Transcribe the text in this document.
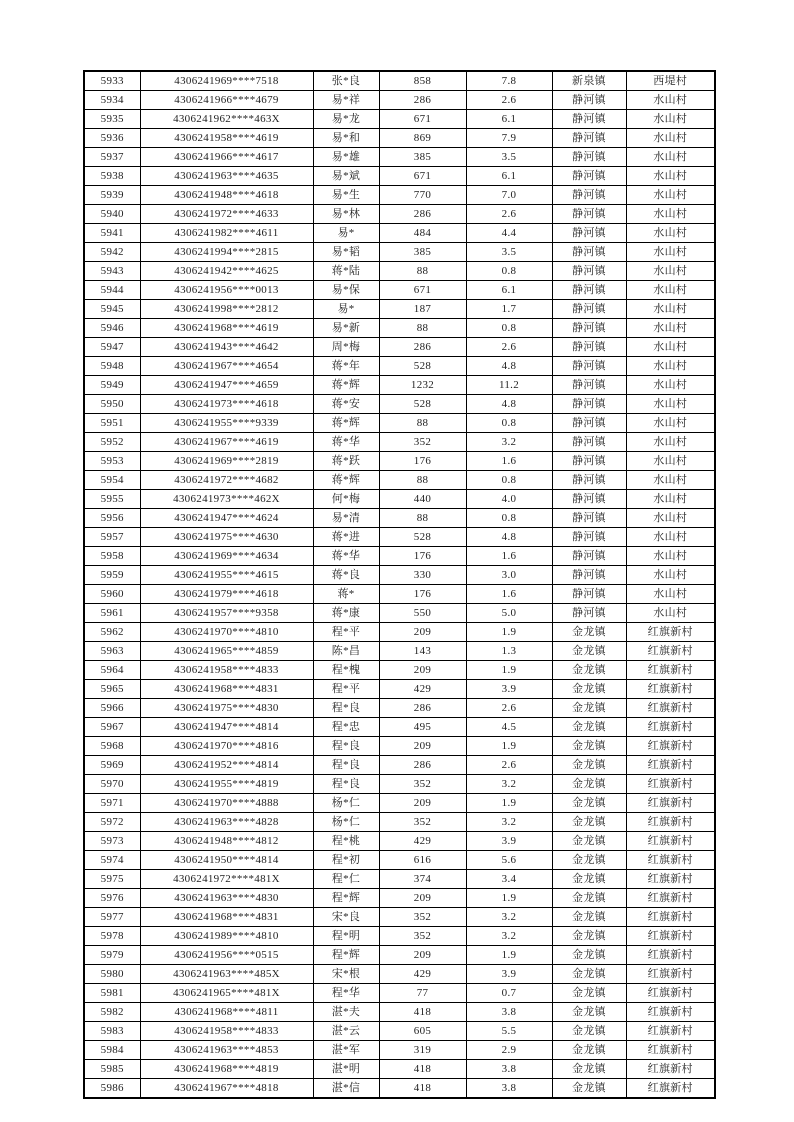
5933	4306241969****7518	张*良	858	7.8	新泉镇	西堤村
5934	4306241966****4679	易*祥	286	2.6	静河镇	水山村
5935	4306241962****463X	易*龙	671	6.1	静河镇	水山村
5936	4306241958****4619	易*和	869	7.9	静河镇	水山村
5937	4306241966****4617	易*雄	385	3.5	静河镇	水山村
5938	4306241963****4635	易*斌	671	6.1	静河镇	水山村
5939	4306241948****4618	易*生	770	7.0	静河镇	水山村
5940	4306241972****4633	易*林	286	2.6	静河镇	水山村
5941	4306241982****4611	易*	484	4.4	静河镇	水山村
5942	4306241994****2815	易*韬	385	3.5	静河镇	水山村
5943	4306241942****4625	蒋*陆	88	0.8	静河镇	水山村
5944	4306241956****0013	易*保	671	6.1	静河镇	水山村
5945	4306241998****2812	易*	187	1.7	静河镇	水山村
5946	4306241968****4619	易*新	88	0.8	静河镇	水山村
5947	4306241943****4642	周*梅	286	2.6	静河镇	水山村
5948	4306241967****4654	蒋*年	528	4.8	静河镇	水山村
5949	4306241947****4659	蒋*辉	1232	11.2	静河镇	水山村
5950	4306241973****4618	蒋*安	528	4.8	静河镇	水山村
5951	4306241955****9339	蒋*辉	88	0.8	静河镇	水山村
5952	4306241967****4619	蒋*华	352	3.2	静河镇	水山村
5953	4306241969****2819	蒋*跃	176	1.6	静河镇	水山村
5954	4306241972****4682	蒋*辉	88	0.8	静河镇	水山村
5955	4306241973****462X	何*梅	440	4.0	静河镇	水山村
5956	4306241947****4624	易*清	88	0.8	静河镇	水山村
5957	4306241975****4630	蒋*进	528	4.8	静河镇	水山村
5958	4306241969****4634	蒋*华	176	1.6	静河镇	水山村
5959	4306241955****4615	蒋*良	330	3.0	静河镇	水山村
5960	4306241979****4618	蒋*	176	1.6	静河镇	水山村
5961	4306241957****9358	蒋*康	550	5.0	静河镇	水山村
5962	4306241970****4810	程*平	209	1.9	金龙镇	红旗新村
5963	4306241965****4859	陈*昌	143	1.3	金龙镇	红旗新村
5964	4306241958****4833	程*槐	209	1.9	金龙镇	红旗新村
5965	4306241968****4831	程*平	429	3.9	金龙镇	红旗新村
5966	4306241975****4830	程*良	286	2.6	金龙镇	红旗新村
5967	4306241947****4814	程*忠	495	4.5	金龙镇	红旗新村
5968	4306241970****4816	程*良	209	1.9	金龙镇	红旗新村
5969	4306241952****4814	程*良	286	2.6	金龙镇	红旗新村
5970	4306241955****4819	程*良	352	3.2	金龙镇	红旗新村
5971	4306241970****4888	杨*仁	209	1.9	金龙镇	红旗新村
5972	4306241963****4828	杨*仁	352	3.2	金龙镇	红旗新村
5973	4306241948****4812	程*桃	429	3.9	金龙镇	红旗新村
5974	4306241950****4814	程*初	616	5.6	金龙镇	红旗新村
5975	4306241972****481X	程*仁	374	3.4	金龙镇	红旗新村
5976	4306241963****4830	程*辉	209	1.9	金龙镇	红旗新村
5977	4306241968****4831	宋*良	352	3.2	金龙镇	红旗新村
5978	4306241989****4810	程*明	352	3.2	金龙镇	红旗新村
5979	4306241956****0515	程*辉	209	1.9	金龙镇	红旗新村
5980	4306241963****485X	宋*根	429	3.9	金龙镇	红旗新村
5981	4306241965****481X	程*华	77	0.7	金龙镇	红旗新村
5982	4306241968****4811	湛*夫	418	3.8	金龙镇	红旗新村
5983	4306241958****4833	湛*云	605	5.5	金龙镇	红旗新村
5984	4306241963****4853	湛*军	319	2.9	金龙镇	红旗新村
5985	4306241968****4819	湛*明	418	3.8	金龙镇	红旗新村
5986	4306241967****4818	湛*信	418	3.8	金龙镇	红旗新村
